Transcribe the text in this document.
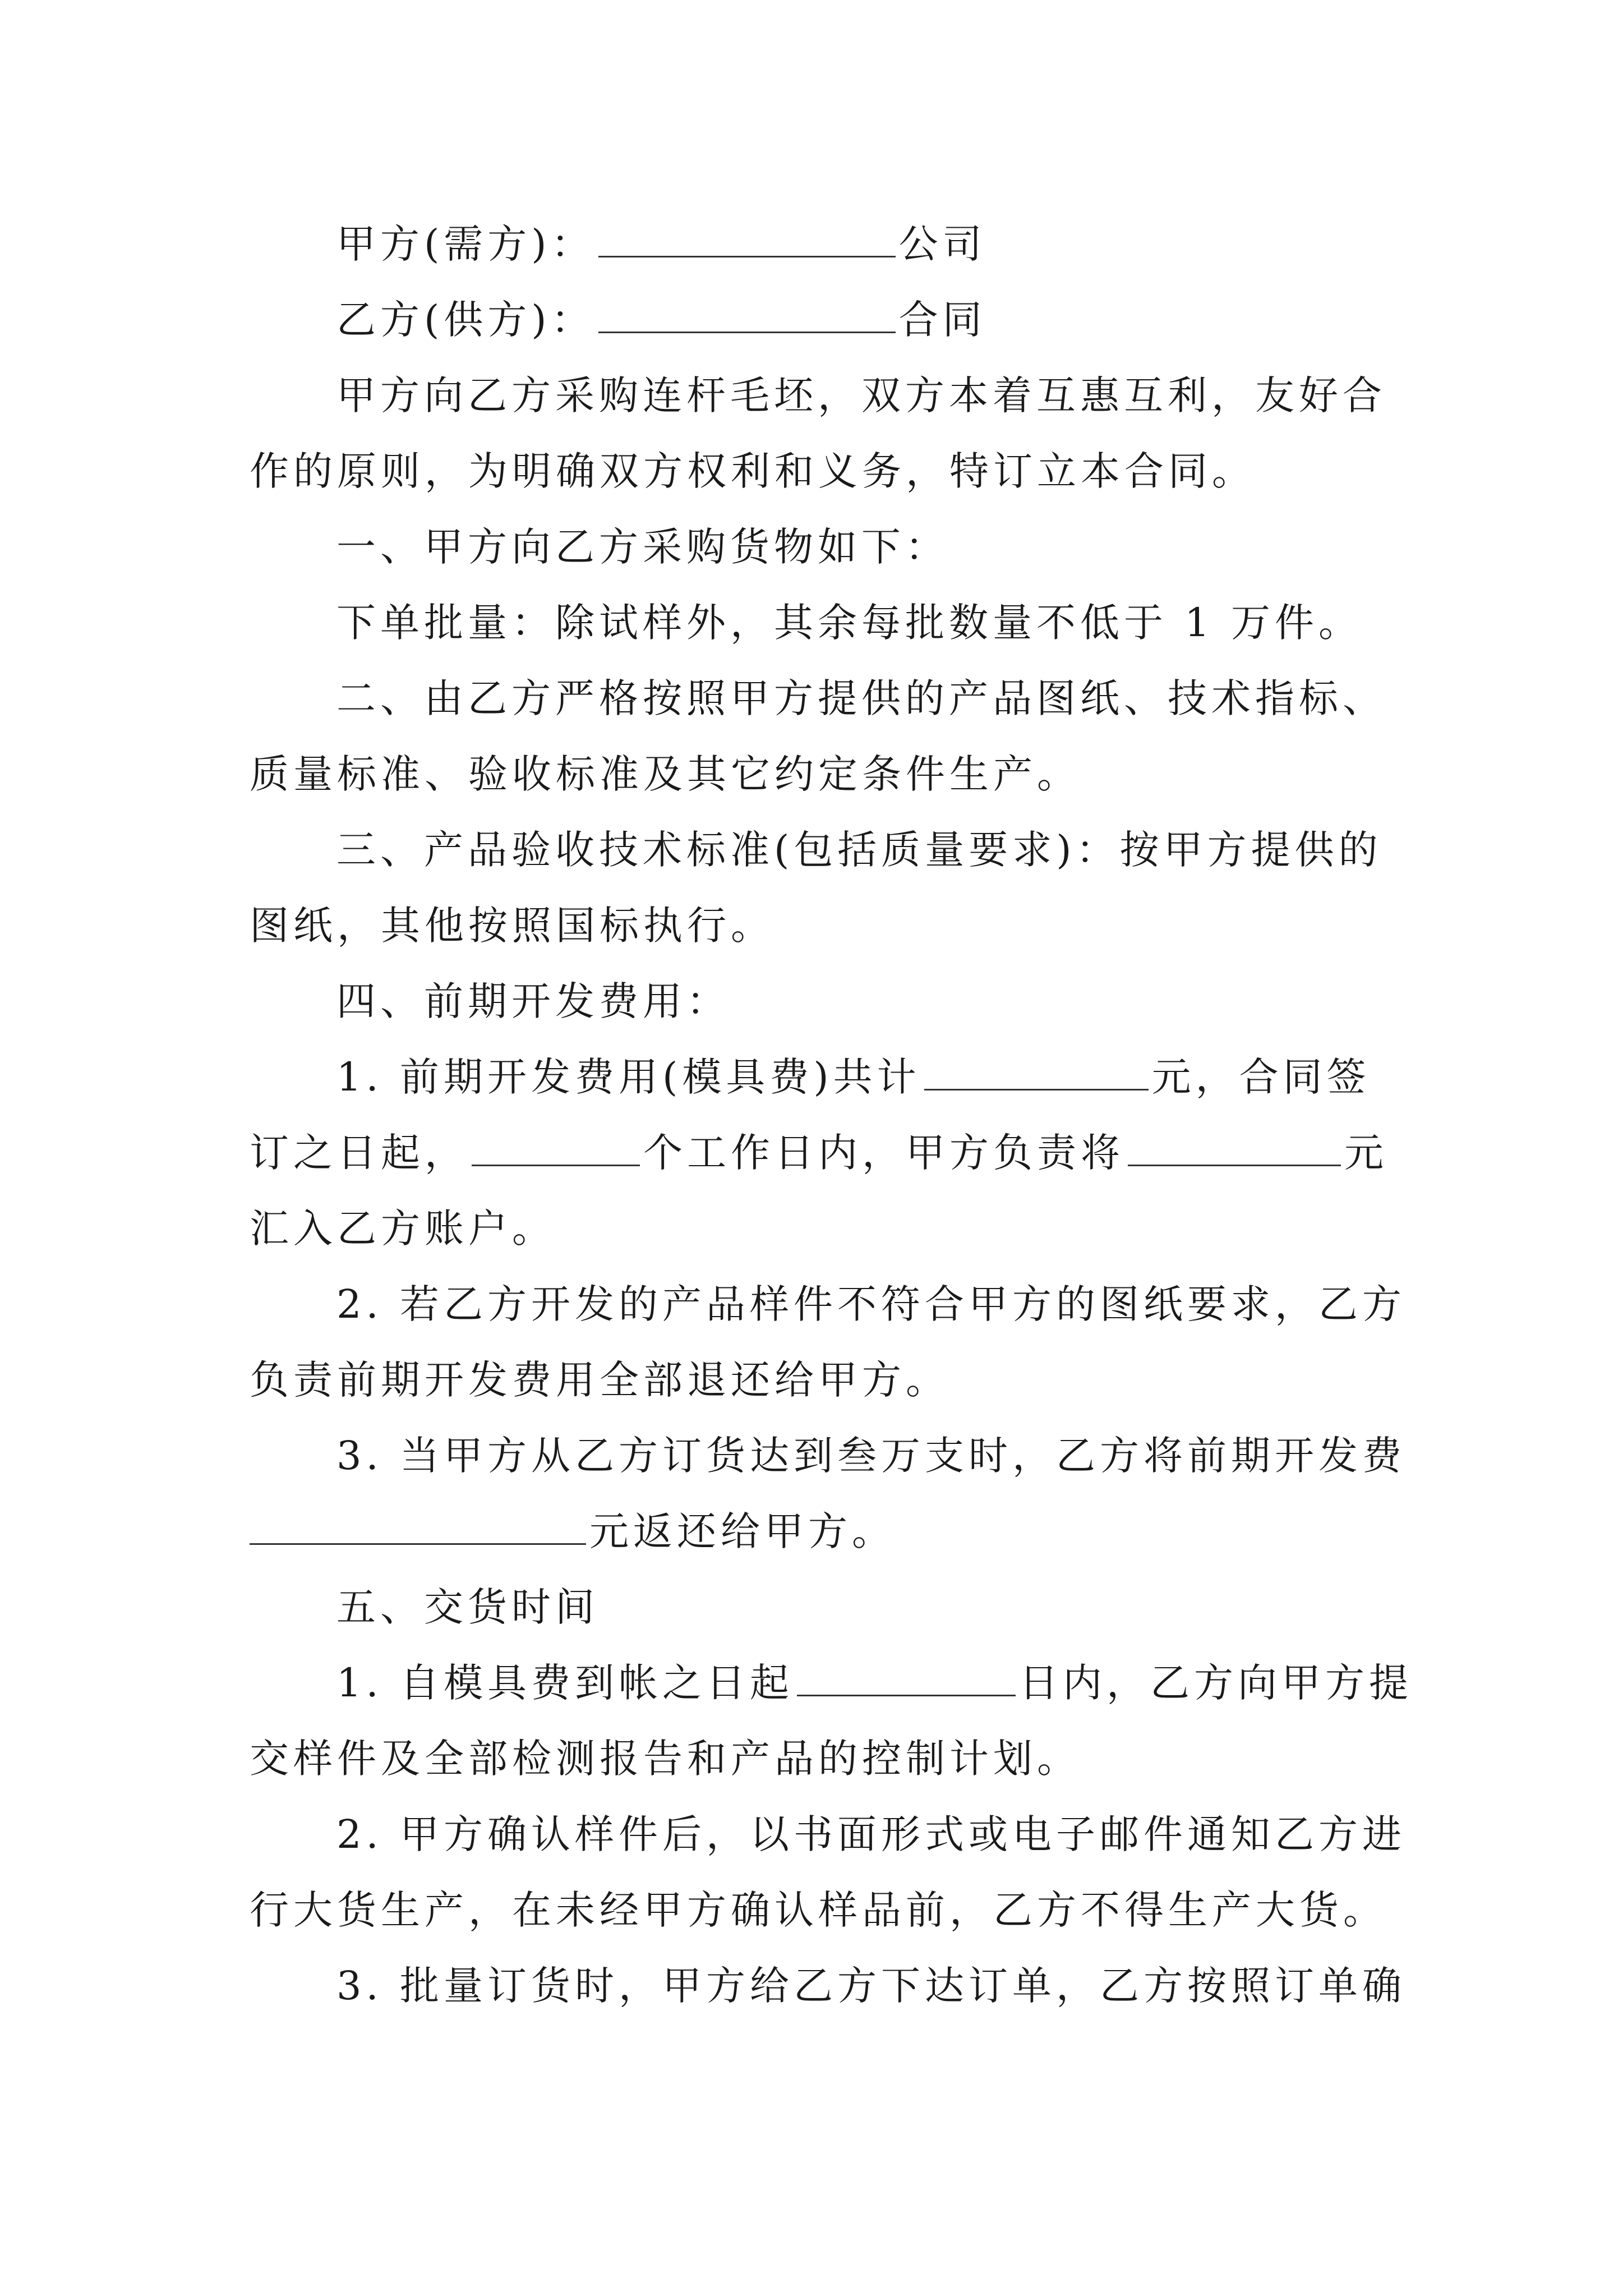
甲方(需方)：	公司
乙方(供方)：	合同
甲方向乙方采购连杆毛坯，双方本着互惠互利，友好合
作的原则，为明确双方权利和义务，特订立本合同。
一、甲方向乙方采购货物如下：
下单批量：除试样外，其余每批数量不低于 1 万件。
二、由乙方严格按照甲方提供的产品图纸、技术指标、
质量标准、验收标准及其它约定条件生产。
三、产品验收技术标准(包括质量要求)：按甲方提供的
图纸，其他按照国标执行。
四、前期开发费用：
1. 前期开发费用(模具费)共计	元，合同签
订之日起，	个工作日内，甲方负责将	元
汇入乙方账户。
2. 若乙方开发的产品样件不符合甲方的图纸要求，乙方
负责前期开发费用全部退还给甲方。
3. 当甲方从乙方订货达到叁万支时，乙方将前期开发费
元返还给甲方。
五、交货时间
1. 自模具费到帐之日起	日内，乙方向甲方提
交样件及全部检测报告和产品的控制计划。
2. 甲方确认样件后，以书面形式或电子邮件通知乙方进
行大货生产，在未经甲方确认样品前，乙方不得生产大货。
3. 批量订货时，甲方给乙方下达订单，乙方按照订单确
